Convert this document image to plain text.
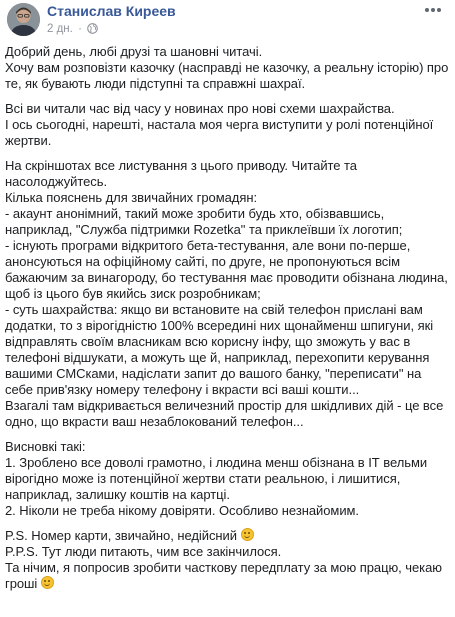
Станислав Киреев
2 дн. ·

Добрий день, любі друзі та шановні читачі.
Хочу вам розповізти казочку (насправді не казочку, а реальну історію) про те, як бувають люди підступні та справжні шахраї.

Всі ви читали час від часу у новинах про нові схеми шахрайства.
І ось сьогодні, нарешті, настала моя черга виступити у ролі потенційної жертви.

На скріншотах все листування з цього приводу. Читайте та насолоджуйтесь.
Кілька пояснень для звичайних громадян:
- акаунт анонімний, такий може зробити будь хто, обізвавшись, наприклад, "Служба підтримки Rozetka" та приклеївши їх логотип;
- існують програми відкритого бета-тестування, але вони по-перше, анонсуються на офіційному сайті, по друге, не пропонуються всім бажаючим за винагороду, бо тестування має проводити обізнана людина, щоб із цього був якийсь зиск розробникам;
- суть шахрайства: якщо ви встановите на свій телефон прислані вам додатки, то з вірогідністю 100% всередині них щонайменш шпигуни, які відправлять своїм власникам всю корисну інфу, що зможуть у вас в телефоні відшукати, а можуть ще й, наприклад, перехопити керування вашими СМСками, надіслати запит до вашого банку, "переписати" на себе прив'язку номеру телефону і вкрасти всі ваші кошти...
Взагалі там відкривається величезний простір для шкідливих дій - це все одно, що вкрасти ваш незаблокований телефон...

Висновкі такі:
1. Зроблено все доволі грамотно, і людина менш обізнана в ІТ вельми вірогідно може із потенційної жертви стати реальною, і лишитися, наприклад, залишку коштів на картці.
2. Ніколи не треба нікому довіряти. Особливо незнайомим.

P.S. Номер карти, звичайно, недійсний

P.P.S. Тут люди питають, чим все закінчилося.

Та нічим, я попросив зробити часткову передплату за мою працю, чекаю гроші
